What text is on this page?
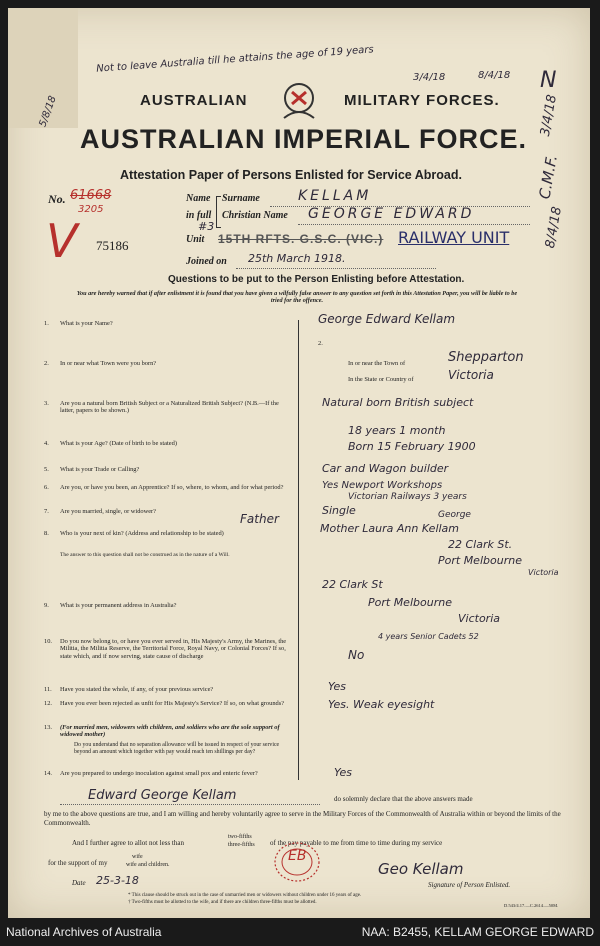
Not to leave Australia till he attains the age of 19 years
3/4/18	8/4/18
5/8/18
N
3/4/18
C.M.F.
8/4/18
AUSTRALIAN	MILITARY FORCES.
AUSTRALIAN IMPERIAL FORCE.
Attestation Paper of Persons Enlisted for Service Abroad.
No. 61668
3205
V 75186
Name
in full
Surname	KELLAM
Christian Name GEORGE EDWARD
#3
Unit 15TH RFTS. G.S.C. (VIC.) RAILWAY UNIT
Joined on 25th March 1918.
Questions to be put to the Person Enlisting before Attestation.
You are hereby warned that if after enlistment it is found that you have given a wilfully false answer to any question set forth in this Attestation Paper, you will be liable to be tried for the offence.
1. What is your Name?	George Edward Kellam
2. In or near what Town were you born?
2.
In or near the Town of	Shepparton
In the State or Country of	Victoria
3. Are you a natural born British Subject or a Naturalized British Subject? (N.B.—If the latter, papers to be shown.)
Natural born British subject
4. What is your Age? (Date of birth to be stated)
18 years 1 month
Born 15 February 1900
5. What is your Trade or Calling?	Car and Wagon builder
6. Are you, or have you been, an Apprentice? If so, where, to whom, and for what period?	Yes Newport Workshops
Victorian Railways 3 years
7. Are you married, single, or widower?	Single
Father
8. Who is your next of kin? (Address and relationship to be stated)
The answer to this question shall not be construed as in the nature of a Will.
George
Mother Laura Ann Kellam
22 Clark St.
Port Melbourne
Victoria
22 Clark St
9. What is your permanent address in Australia?	Port Melbourne
Victoria
10. Do you now belong to, or have you ever served in, His Majesty's Army, the Marines, the Militia, the Militia Reserve, the Territorial Force, Royal Navy, or Colonial Forces? If so, state which, and if now serving, state cause of discharge
4 years Senior Cadets 52
No
11. Have you stated the whole, if any, of your previous service?	Yes
12. Have you ever been rejected as unfit for His Majesty's Service? If so, on what grounds?	Yes. Weak eyesight
13. (For married men, widowers with children, and soldiers who are the sole support of widowed mother)
Do you understand that no separation allowance will be issued in respect of your service beyond an amount which together with pay would reach ten shillings per day?
14. Are you prepared to undergo inoculation against small pox and enteric fever?	Yes
Edward George Kellam	do solemnly declare that the above answers made
by me to the above questions are true, and I am willing and hereby voluntarily agree to serve in the Military Forces of the Commonwealth of Australia within or beyond the limits of the Commonwealth.
And I further agree to allot not less than
two-fifths
three-fifths of the pay payable to me from time to time during my service
for the support of my
wife
wife and children.
Date 25-3-18
EB
Geo Kellam
Signature of Person Enlisted.
* This clause should be struck out in the case of unmarried men or widowers without children under 16 years of age.
† Two-fifths must be allotted to the wife, and if there are children three-fifths must be allotted.
D.543/4.17.—C.2614.—50M.
National Archives of Australia	NAA: B2455, KELLAM GEORGE EDWARD
